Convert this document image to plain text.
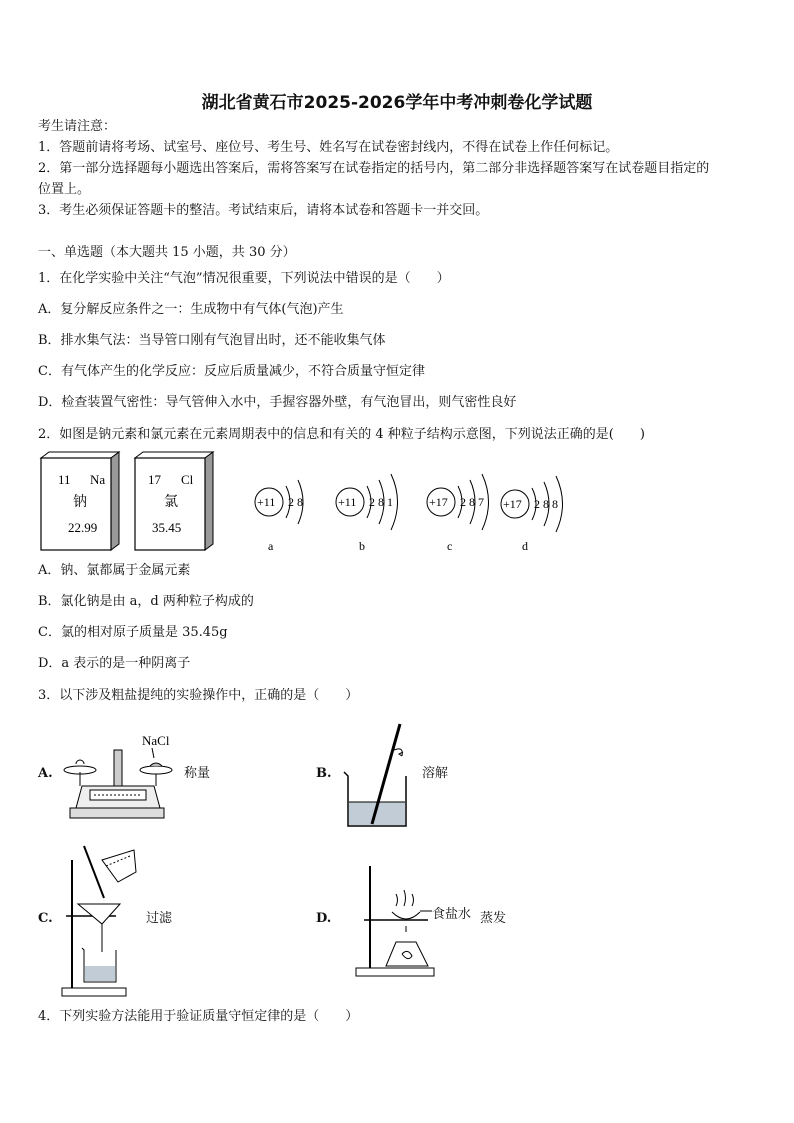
湖北省黄石市2025-2026学年中考冲刺卷化学试题
考生请注意：
1．答题前请将考场、试室号、座位号、考生号、姓名写在试卷密封线内，不得在试卷上作任何标记。
2．第一部分选择题每小题选出答案后，需将答案写在试卷指定的括号内，第二部分非选择题答案写在试卷题目指定的
位置上。
3．考生必须保证答题卡的整洁。考试结束后，请将本试卷和答题卡一并交回。
一、单选题（本大题共 15 小题，共 30 分）
1．在化学实验中关注“气泡”情况很重要，下列说法中错误的是（　　）
A．复分解反应条件之一：生成物中有气体(气泡)产生
B．排水集气法：当导管口刚有气泡冒出时，还不能收集气体
C．有气体产生的化学反应：反应后质量减少，不符合质量守恒定律
D．检查装置气密性：导气管伸入水中，手握容器外壁，有气泡冒出，则气密性良好
2．如图是钠元素和氯元素在元素周期表中的信息和有关的 4 种粒子结构示意图，下列说法正确的是(　　)
11 Na
钠
22.99
17 Cl
氯
35.45
+11 2 8
a
+11 2 8 1
b
+17 2 8 7
c
+17 2 8 8
d
A．钠、氯都属于金属元素
B．氯化钠是由 a，d 两种粒子构成的
C．氯的相对原子质量是 35.45g
D．a 表示的是一种阴离子
3．以下涉及粗盐提纯的实验操作中，正确的是（　　）
A.
NaCl
称量	B.	溶解
C.	过滤	D.	食盐水 蒸发
4．下列实验方法能用于验证质量守恒定律的是（　　）
